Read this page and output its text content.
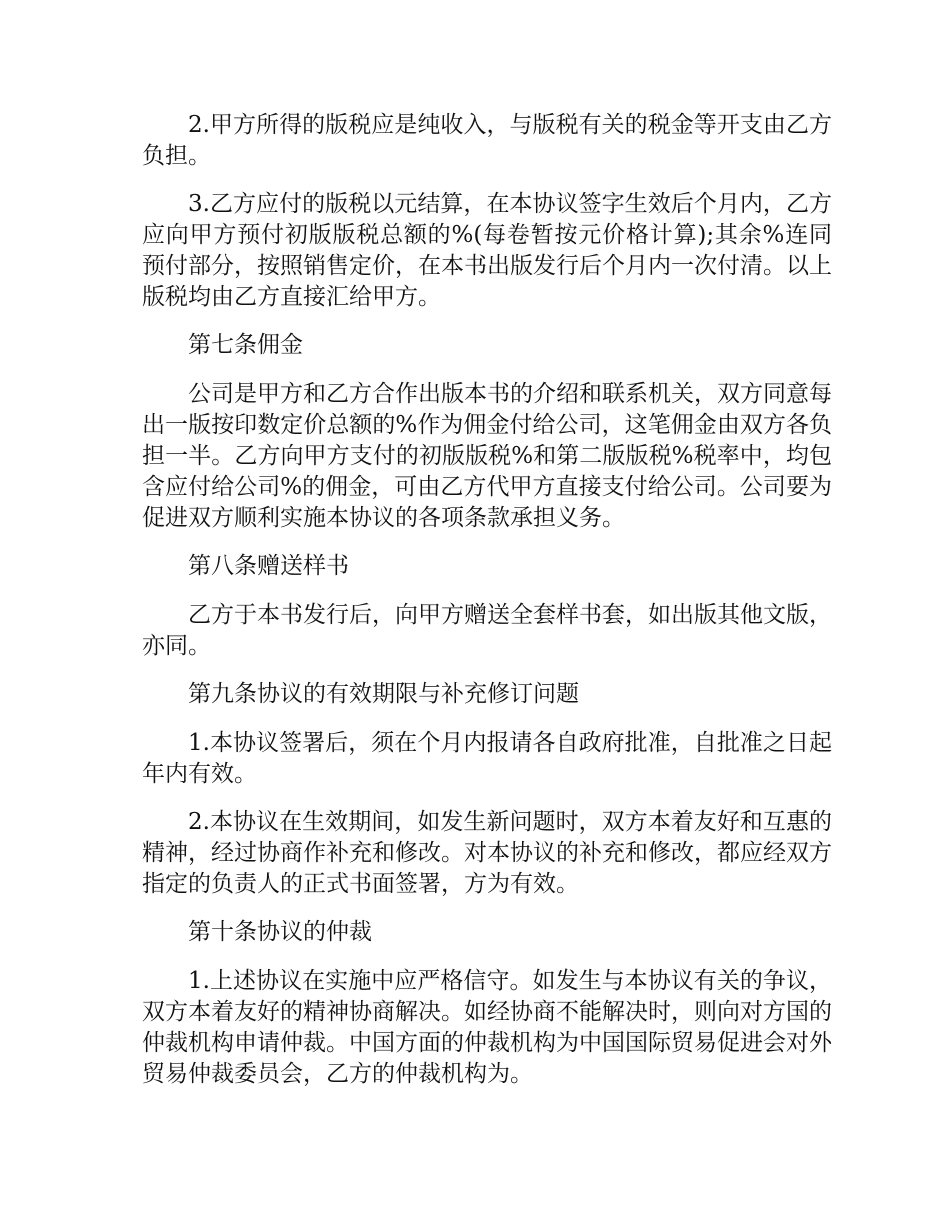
2.甲方所得的版税应是纯收入，与版税有关的税金等开支由乙方负担。

3.乙方应付的版税以元结算，在本协议签字生效后个月内，乙方应向甲方预付初版版税总额的%(每卷暂按元价格计算);其余%连同预付部分，按照销售定价，在本书出版发行后个月内一次付清。以上版税均由乙方直接汇给甲方。

第七条佣金

公司是甲方和乙方合作出版本书的介绍和联系机关，双方同意每出一版按印数定价总额的%作为佣金付给公司，这笔佣金由双方各负担一半。乙方向甲方支付的初版版税%和第二版版税%税率中，均包含应付给公司%的佣金，可由乙方代甲方直接支付给公司。公司要为促进双方顺利实施本协议的各项条款承担义务。

第八条赠送样书

乙方于本书发行后，向甲方赠送全套样书套，如出版其他文版，亦同。

第九条协议的有效期限与补充修订问题

1.本协议签署后，须在个月内报请各自政府批准，自批准之日起年内有效。

2.本协议在生效期间，如发生新问题时，双方本着友好和互惠的精神，经过协商作补充和修改。对本协议的补充和修改，都应经双方指定的负责人的正式书面签署，方为有效。

第十条协议的仲裁

1.上述协议在实施中应严格信守。如发生与本协议有关的争议，双方本着友好的精神协商解决。如经协商不能解决时，则向对方国的仲裁机构申请仲裁。中国方面的仲裁机构为中国国际贸易促进会对外贸易仲裁委员会，乙方的仲裁机构为。
